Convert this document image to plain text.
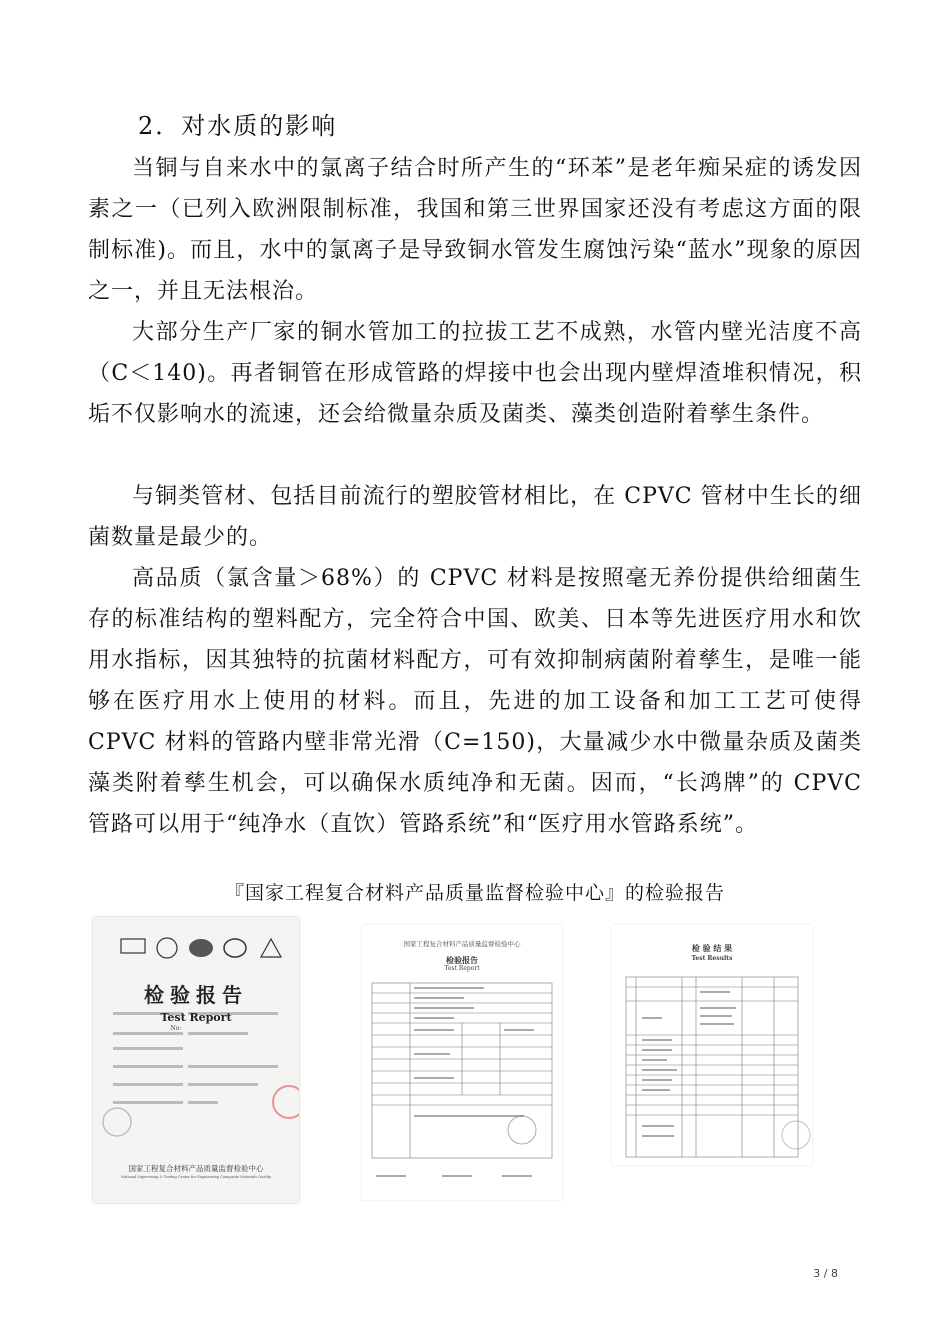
2．对水质的影响

当铜与自来水中的氯离子结合时所产生的“环苯”是老年痴呆症的诱发因素之一（已列入欧洲限制标准，我国和第三世界国家还没有考虑这方面的限制标准)。而且，水中的氯离子是导致铜水管发生腐蚀污染“蓝水”现象的原因之一，并且无法根治。

大部分生产厂家的铜水管加工的拉拔工艺不成熟，水管内壁光洁度不高（C＜140)。再者铜管在形成管路的焊接中也会出现内壁焊渣堆积情况，积垢不仅影响水的流速，还会给微量杂质及菌类、藻类创造附着孳生条件。

与铜类管材、包括目前流行的塑胶管材相比，在 CPVC 管材中生长的细菌数量是最少的。

高品质（氯含量＞68%）的 CPVC 材料是按照毫无养份提供给细菌生存的标准结构的塑料配方，完全符合中国、欧美、日本等先进医疗用水和饮用水指标，因其独特的抗菌材料配方，可有效抑制病菌附着孳生，是唯一能够在医疗用水上使用的材料。而且，先进的加工设备和加工工艺可使得 CPVC 材料的管路内壁非常光滑（C=150)，大量减少水中微量杂质及菌类藻类附着孳生机会，可以确保水质纯净和无菌。因而，“长鸿牌”的 CPVC 管路可以用于“纯净水（直饮）管路系统”和“医疗用水管路系统”。

『国家工程复合材料产品质量监督检验中心』的检验报告
检验报告
Test Report
No:
国家工程复合材料产品质量监督检验中心
National Supervising & Testing Center for Engineering Composite Materials Quality
国家工程复合材料产品质量监督检验中心
检验报告
Test Report
检 验 结 果
Test Results
3 / 8
